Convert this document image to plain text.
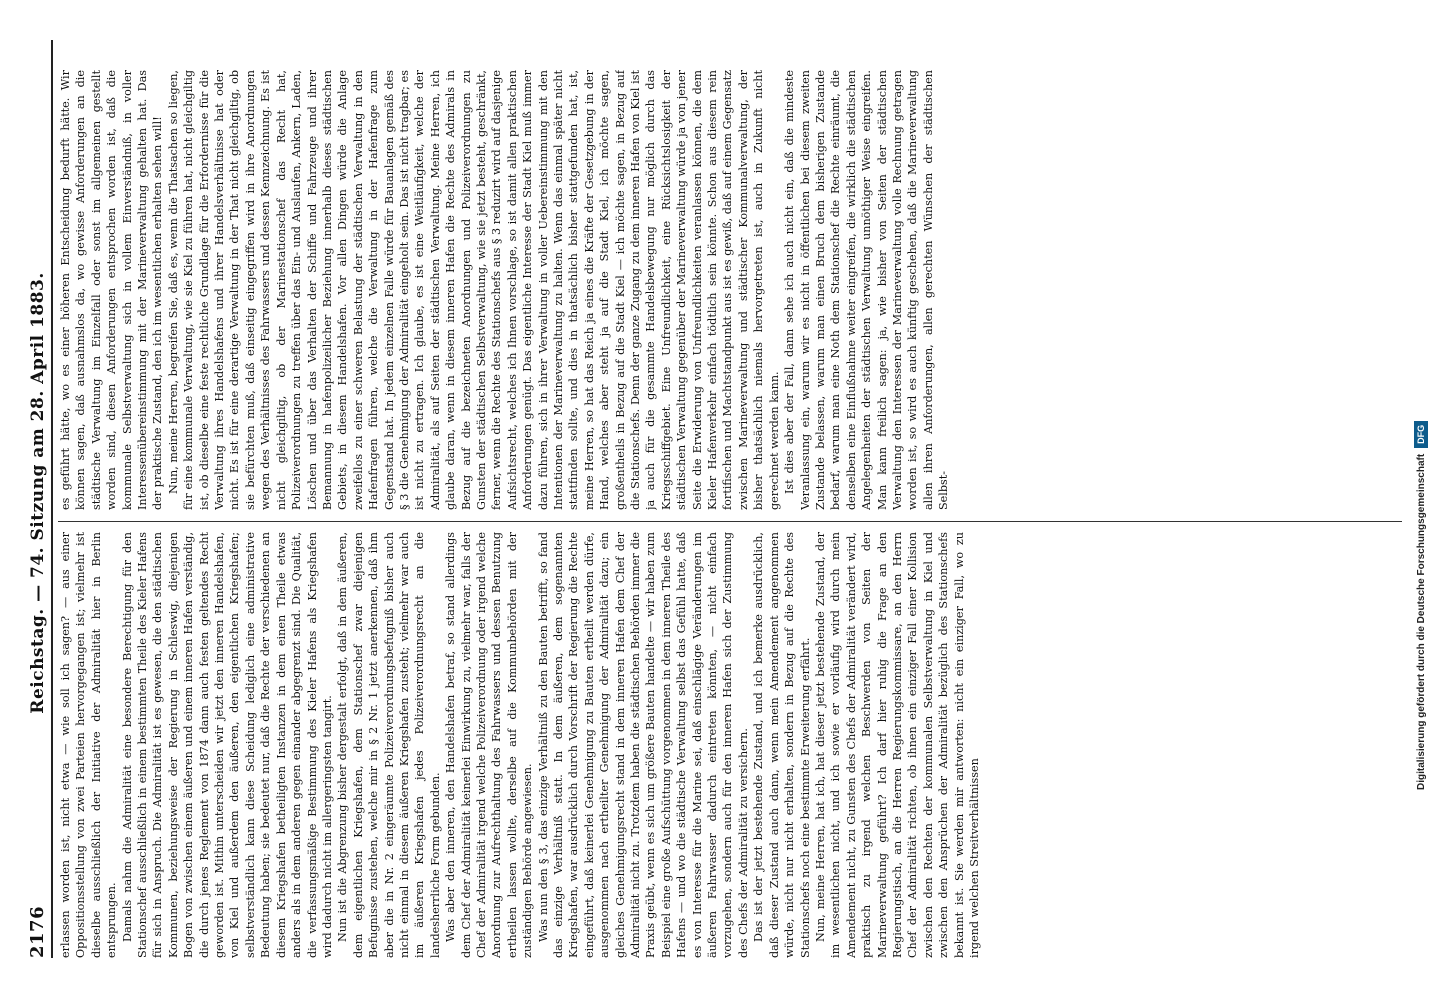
2176
Reichstag. — 74. Sitzung am 28. April 1883.

erlassen worden ist, nicht etwa — wie soll ich sagen? — aus einer Oppositionsstellung von zwei Parteien hervorgegangen ist; vielmehr ist dieselbe ausschließlich der Initiative der Admiralität hier in Berlin entsprungen. Damals nahm die Admiralität eine besondere Berechtigung für den Stationschef ausschließlich in einem bestimmten Theile des Kieler Hafens für sich in Anspruch. Die Admiralität ist es gewesen, die den städtischen Kommunen, beziehungsweise der Regierung in Schleswig, diejenigen Bogen von zwischen einem äußeren und einem inneren Hafen verständig, die durch jenes Reglement von 1874 dann auch festen geltendes Recht geworden ist. Mithin unterscheiden wir jetzt den inneren Handelshafen, von Kiel und außerdem den äußeren, den eigentlichen Kriegshafen; selbstverständlich kann diese Scheidung lediglich eine administrative Bedeutung haben; sie bedeutet nur, daß die Rechte der verschiedenen an diesem Kriegshafen betheiligten Instanzen in dem einen Theile etwas anders als in dem anderen gegen einander abgegrenzt sind. Die Qualität, die verfassungsmäßige Bestimmung des Kieler Hafens als Kriegshafen wird dadurch nicht im allergeringsten tangirt. Nun ist die Abgrenzung bisher dergestalt erfolgt, daß in dem äußeren, dem eigentlichen Kriegshafen, dem Stationschef zwar diejenigen Befugnisse zustehen, welche mir in § 2 Nr. 1 jetzt anerkennen, daß ihm aber die in Nr. 2 eingeräumte Polizeiverordnungsbefugniß bisher auch nicht einmal in diesem äußeren Kriegshafen zusteht; vielmehr war auch im äußeren Kriegshafen jedes Polizeiverordnungsrecht an die landesherrliche Form gebunden. Was aber den inneren, den Handelshafen betraf, so stand allerdings dem Chef der Admiralität keinerlei Einwirkung zu, vielmehr war, falls der Chef der Admiralität irgend welche Polizeiverordnung oder irgend welche Anordnung zur Aufrechthaltung des Fahrwassers und dessen Benutzung ertheilen lassen wollte, derselbe auf die Kommunbehörden mit der zuständigen Behörde angewiesen. Was nun den § 3, das einzige Verhältniß zu den Bauten betrifft, so fand das einzige Verhältniß statt. In dem äußeren, dem sogenannten Kriegshafen, war ausdrücklich durch Vorschrift der Regierung die Rechte eingeführt, daß keinerlei Genehmigung zu Bauten ertheilt werden dürfe, ausgenommen nach ertheilter Genehmigung der Admiralität dazu; ein gleiches Genehmigungsrecht stand in dem inneren Hafen dem Chef der Admiralität nicht zu. Trotzdem haben die städtischen Behörden immer die Praxis geübt, wenn es sich um größere Bauten handelte — wir haben zum Beispiel eine große Aufschüttung vorgenommen in dem inneren Theile des Hafens — und wo die städtische Verwaltung selbst das Gefühl hatte, daß es von Interesse für die Marine sei, daß einschlägige Veränderungen im äußeren Fahrwasser dadurch eintreten könnten, — nicht einfach vorzugehen, sondern auch für den inneren Hafen sich der Zustimmung des Chefs der Admiralität zu versichern. Das ist der jetzt bestehende Zustand, und ich bemerke ausdrücklich, daß dieser Zustand auch dann, wenn mein Amendement angenommen würde, nicht nur nicht erhalten, sondern in Bezug auf die Rechte des Stationschefs noch eine bestimmte Erweiterung erfährt. Nun, meine Herren, hat ich, hat dieser jetzt bestehende Zustand, der im wesentlichen nicht, und ich sowie er vorläufig wird durch mein Amendement nicht, zu Gunsten des Chefs der Admiralität verändert wird, praktisch zu irgend welchen Beschwerden von Seiten der Marineverwaltung geführt? Ich darf hier ruhig die Frage an den Regierungstisch, an die Herren Regierungskommissare, an den Herrn Chef der Admiralität richten, ob ihnen ein einziger Fall einer Kollision zwischen den Rechten der kommunalen Selbstverwaltung in Kiel und zwischen den Ansprüchen der Admiralität bezüglich des Stationschefs bekannt ist. Sie werden mir antworten: nicht ein einziger Fall, wo zu irgend welchen Streitverhältnissen

es geführt hätte, wo es einer höheren Entscheidung bedurft hätte. Wir können sagen, daß ausnahmslos da, wo gewisse Anforderungen an die städtische Verwaltung im Einzelfall oder sonst im allgemeinen gestellt worden sind, diesen Anforderungen entsprochen worden ist, daß die kommunale Selbstverwaltung sich in vollem Einverständniß, in voller Interessenübereinstimmung mit der Marineverwaltung gehalten hat. Das der praktische Zustand, den ich im wesentlichen erhalten sehen will! Nun, meine Herren, begreifen Sie, daß es, wenn die Thatsachen so liegen, für eine kommunale Verwaltung, wie sie Kiel zu führen hat, nicht gleichgiltig ist, ob dieselbe eine feste rechtliche Grundlage für die Erfordernisse für die Verwaltung ihres Handelshafens und ihrer Handelsverhältnisse hat oder nicht. Es ist für eine derartige Verwaltung in der That nicht gleichgiltig, ob sie befürchten muß, daß einseitig eingegriffen wird in ihre Anordnungen wegen des Verhältnisses des Fahrwassers und dessen Kennzeichnung. Es ist nicht gleichgiltig, ob der Marinestationschef das Recht hat, Polizeiverordnungen zu treffen über das Ein- und Auslaufen, Ankern, Laden, Löschen und über das Verhalten der Schiffe und Fahrzeuge und ihrer Bemannung in hafenpolizeilicher Beziehung innerhalb dieses städtischen Gebiets, in diesem Handelshafen. Vor allen Dingen würde die Anlage zweifellos zu einer schweren Belastung der städtischen Verwaltung in den Hafenfragen führen, welche die Verwaltung in der Hafenfrage zum Gegenstand hat. In jedem einzelnen Falle würde für Bauanlagen gemäß des § 3 die Genehmigung der Admiralität eingeholt sein. Das ist nicht tragbar; es ist nicht zu ertragen. Ich glaube, es ist eine Weitläufigkeit, welche der Admiralität, als auf Seiten der städtischen Verwaltung. Meine Herren, ich glaube daran, wenn in diesem inneren Hafen die Rechte des Admirals in Bezug auf die bezeichneten Anordnungen und Polizeiverordnungen zu Gunsten der städtischen Selbstverwaltung, wie sie jetzt besteht, geschränkt, ferner, wenn die Rechte des Stationschefs aus § 3 reduzirt wird auf dasjenige Aufsichtsrecht, welches ich Ihnen vorschlage, so ist damit allen praktischen Anforderungen genügt. Das eigentliche Interesse der Stadt Kiel muß immer dazu führen, sich in ihrer Verwaltung in voller Uebereinstimmung mit den Intentionen der Marineverwaltung zu halten. Wenn das einmal später nicht stattfinden sollte, und dies in thatsächlich bisher stattgefunden hat, ist, meine Herren, so hat das Reich ja eines die Kräfte der Gesetzgebung in der Hand, welches aber steht ja auf die Stadt Kiel, ich möchte sagen, großentheils in Bezug auf die Stadt Kiel — ich möchte sagen, in Bezug auf die Stationschefs. Denn der ganze Zugang zu dem inneren Hafen von Kiel ist ja auch für die gesammte Handelsbewegung nur möglich durch das Kriegsschiffgebiet. Eine Unfreundlichkeit, eine Rücksichtslosigkeit der städtischen Verwaltung gegenüber der Marineverwaltung würde ja von jener Seite die Erwiderung von Unfreundlichkeiten veranlassen können, die dem Kieler Hafenverkehr einfach tödtlich sein könnte. Schon aus diesem rein fortifischen und Machtstandpunkt aus ist es gewiß, daß auf einem Gegensatz zwischen Marineverwaltung und städtischer Kommunalverwaltung, der bisher thatsächlich niemals hervorgetreten ist, auch in Zukunft nicht gerechnet werden kann. Ist dies aber der Fall, dann sehe ich auch nicht ein, daß die mindeste Veranlassung ein, warum wir es nicht in öffentlichen bei diesem zweiten Zustande belassen, warum man einen Bruch dem bisherigen Zustande bedarf, warum man eine Noth dem Stationschef die Rechte einräumt, die denselben eine Einflußnahme weiter eingreifen, die wirklich die städtischen Angelegenheiten der städtischen Verwaltung unnöthiger Weise eingreifen. Man kann freilich sagen: ja, wie bisher von Seiten der städtischen Verwaltung den Interessen der Marineverwaltung volle Rechnung getragen worden ist, so wird es auch künftig geschehen, daß die Marineverwaltung allen ihren Anforderungen, allen gerechten Wünschen der städtischen Selbst-	Digitalisierung gefördert durch die Deutsche Forschungsgemeinschaft
DFG
